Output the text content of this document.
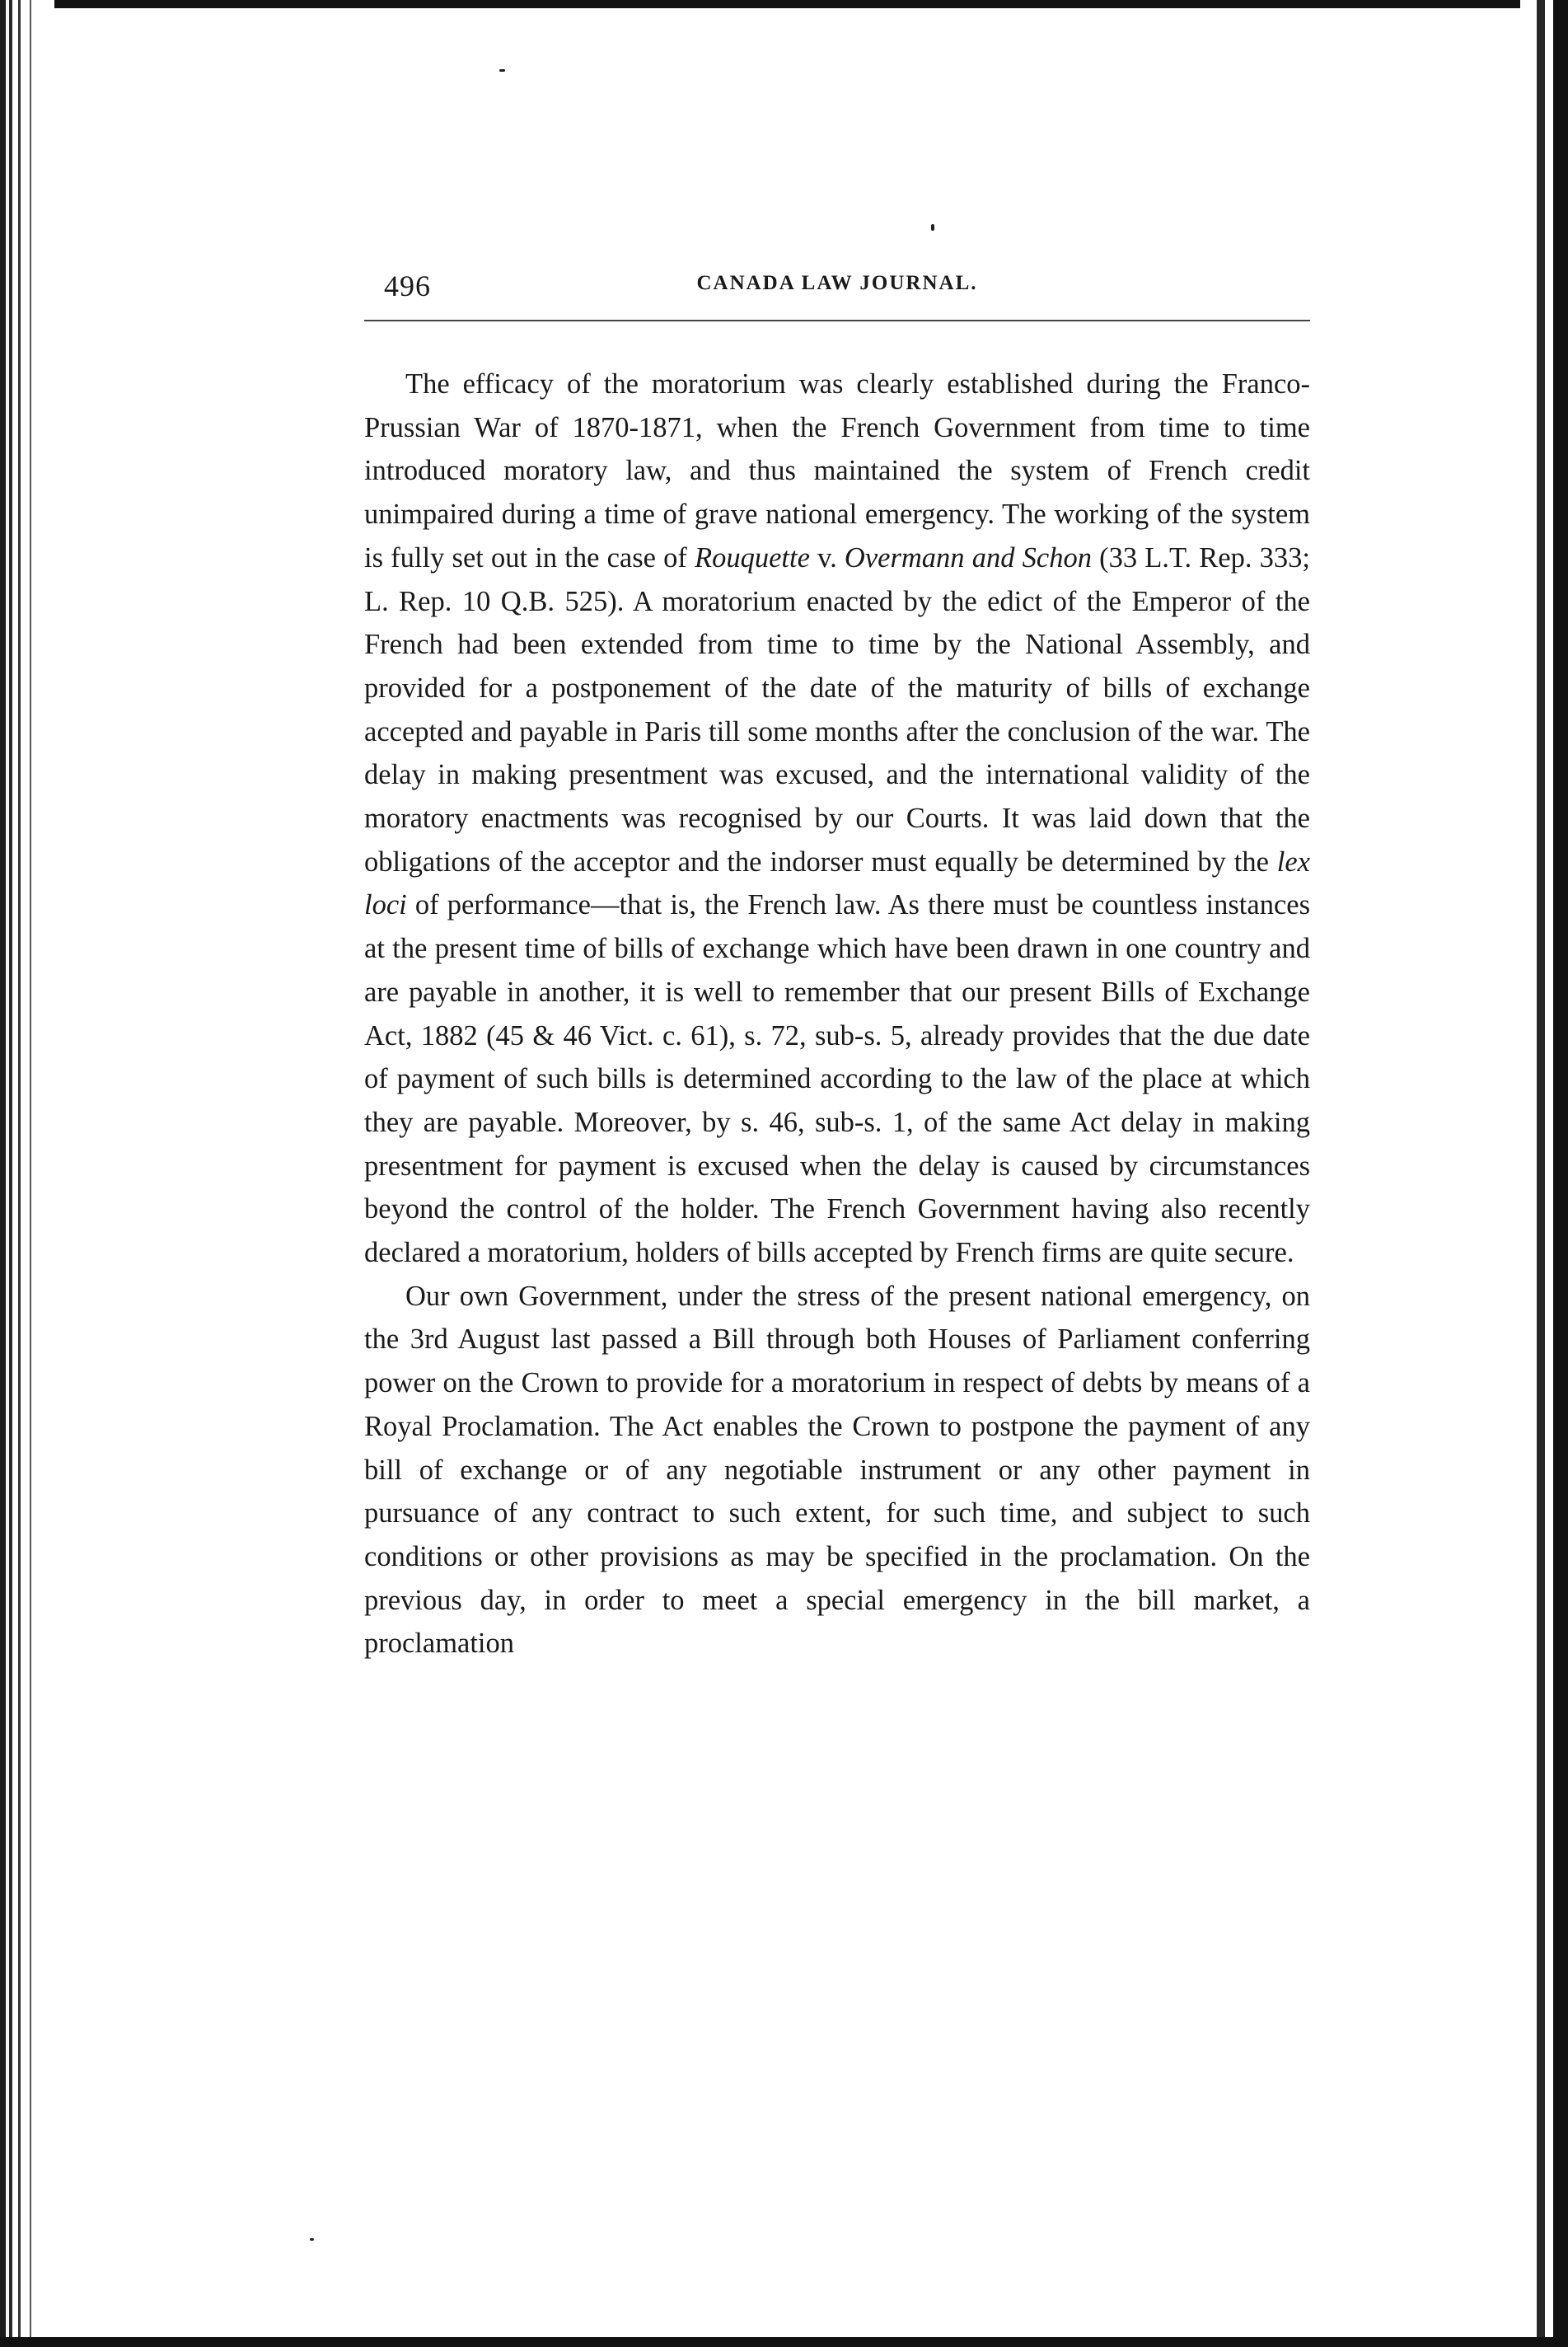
496	CANADA LAW JOURNAL.

The efficacy of the moratorium was clearly established during the Franco-Prussian War of 1870-1871, when the French Government from time to time introduced moratory law, and thus maintained the system of French credit unimpaired during a time of grave national emergency. The working of the system is fully set out in the case of Rouquette v. Overmann and Schon (33 L.T. Rep. 333; L. Rep. 10 Q.B. 525). A moratorium enacted by the edict of the Emperor of the French had been extended from time to time by the National Assembly, and provided for a postponement of the date of the maturity of bills of exchange accepted and payable in Paris till some months after the conclusion of the war. The delay in making presentment was excused, and the international validity of the moratory enactments was recognised by our Courts. It was laid down that the obligations of the acceptor and the indorser must equally be determined by the lex loci of performance—that is, the French law. As there must be countless instances at the present time of bills of exchange which have been drawn in one country and are payable in another, it is well to remember that our present Bills of Exchange Act, 1882 (45 & 46 Vict. c. 61), s. 72, sub-s. 5, already provides that the due date of payment of such bills is determined according to the law of the place at which they are payable. Moreover, by s. 46, sub-s. 1, of the same Act delay in making presentment for payment is excused when the delay is caused by circumstances beyond the control of the holder. The French Government having also recently declared a moratorium, holders of bills accepted by French firms are quite secure.

Our own Government, under the stress of the present national emergency, on the 3rd August last passed a Bill through both Houses of Parliament conferring power on the Crown to provide for a moratorium in respect of debts by means of a Royal Proclamation. The Act enables the Crown to postpone the payment of any bill of exchange or of any negotiable instrument or any other payment in pursuance of any contract to such extent, for such time, and subject to such conditions or other provisions as may be specified in the proclamation. On the previous day, in order to meet a special emergency in the bill market, a proclamation
